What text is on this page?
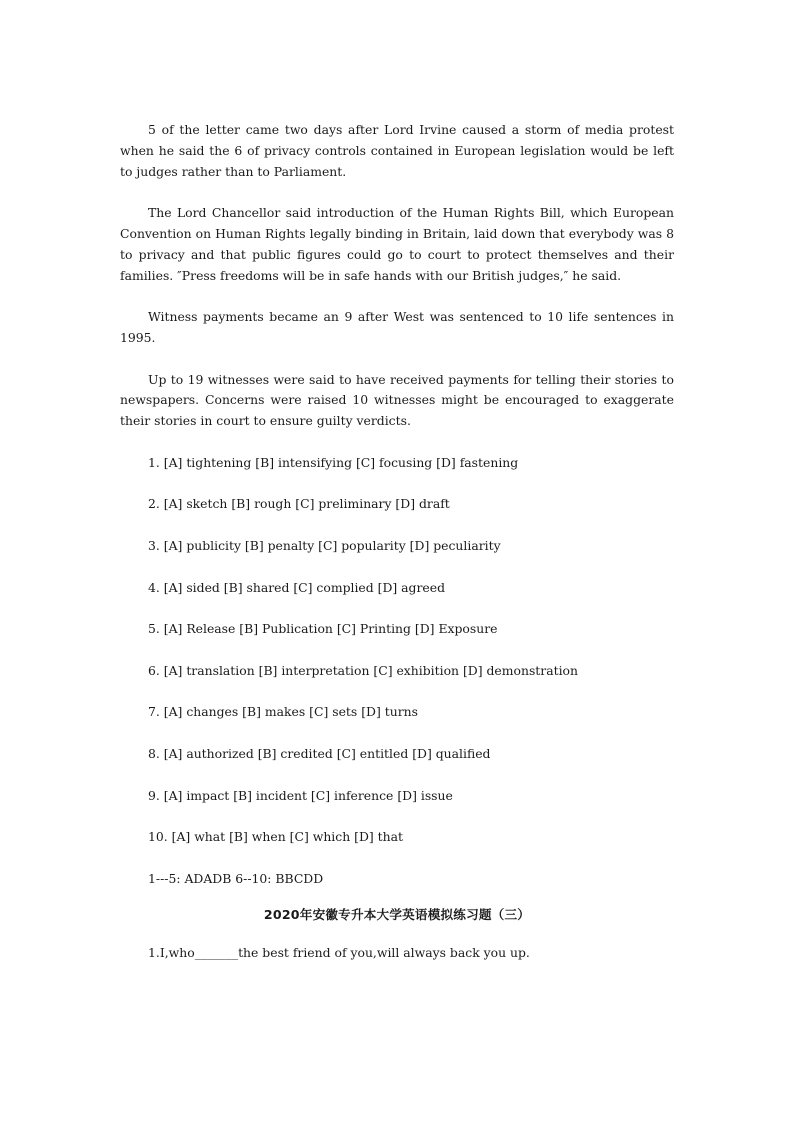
5 of the letter came two days after Lord Irvine caused a storm of media protest when he said the 6 of privacy controls contained in European legislation would be left to judges rather than to Parliament.

The Lord Chancellor said introduction of the Human Rights Bill, which European Convention on Human Rights legally binding in Britain, laid down that everybody was 8 to privacy and that public figures could go to court to protect themselves and their families. ″Press freedoms will be in safe hands with our British judges,″ he said.

Witness payments became an 9 after West was sentenced to 10 life sentences in 1995.

Up to 19 witnesses were said to have received payments for telling their stories to newspapers. Concerns were raised 10 witnesses might be encouraged to exaggerate their stories in court to ensure guilty verdicts.

1. [A] tightening [B] intensifying [C] focusing [D] fastening

2. [A] sketch [B] rough [C] preliminary [D] draft

3. [A] publicity [B] penalty [C] popularity [D] peculiarity

4. [A] sided [B] shared [C] complied [D] agreed

5. [A] Release [B] Publication [C] Printing [D] Exposure

6. [A] translation [B] interpretation [C] exhibition [D] demonstration

7. [A] changes [B] makes [C] sets [D] turns

8. [A] authorized [B] credited [C] entitled [D] qualified

9. [A] impact [B] incident [C] inference [D] issue

10. [A] what [B] when [C] which [D] that

1---5: ADADB 6--10: BBCDD

2020年安徽专升本大学英语模拟练习题（三）

1.I,who_______the best friend of you,will always back you up.
